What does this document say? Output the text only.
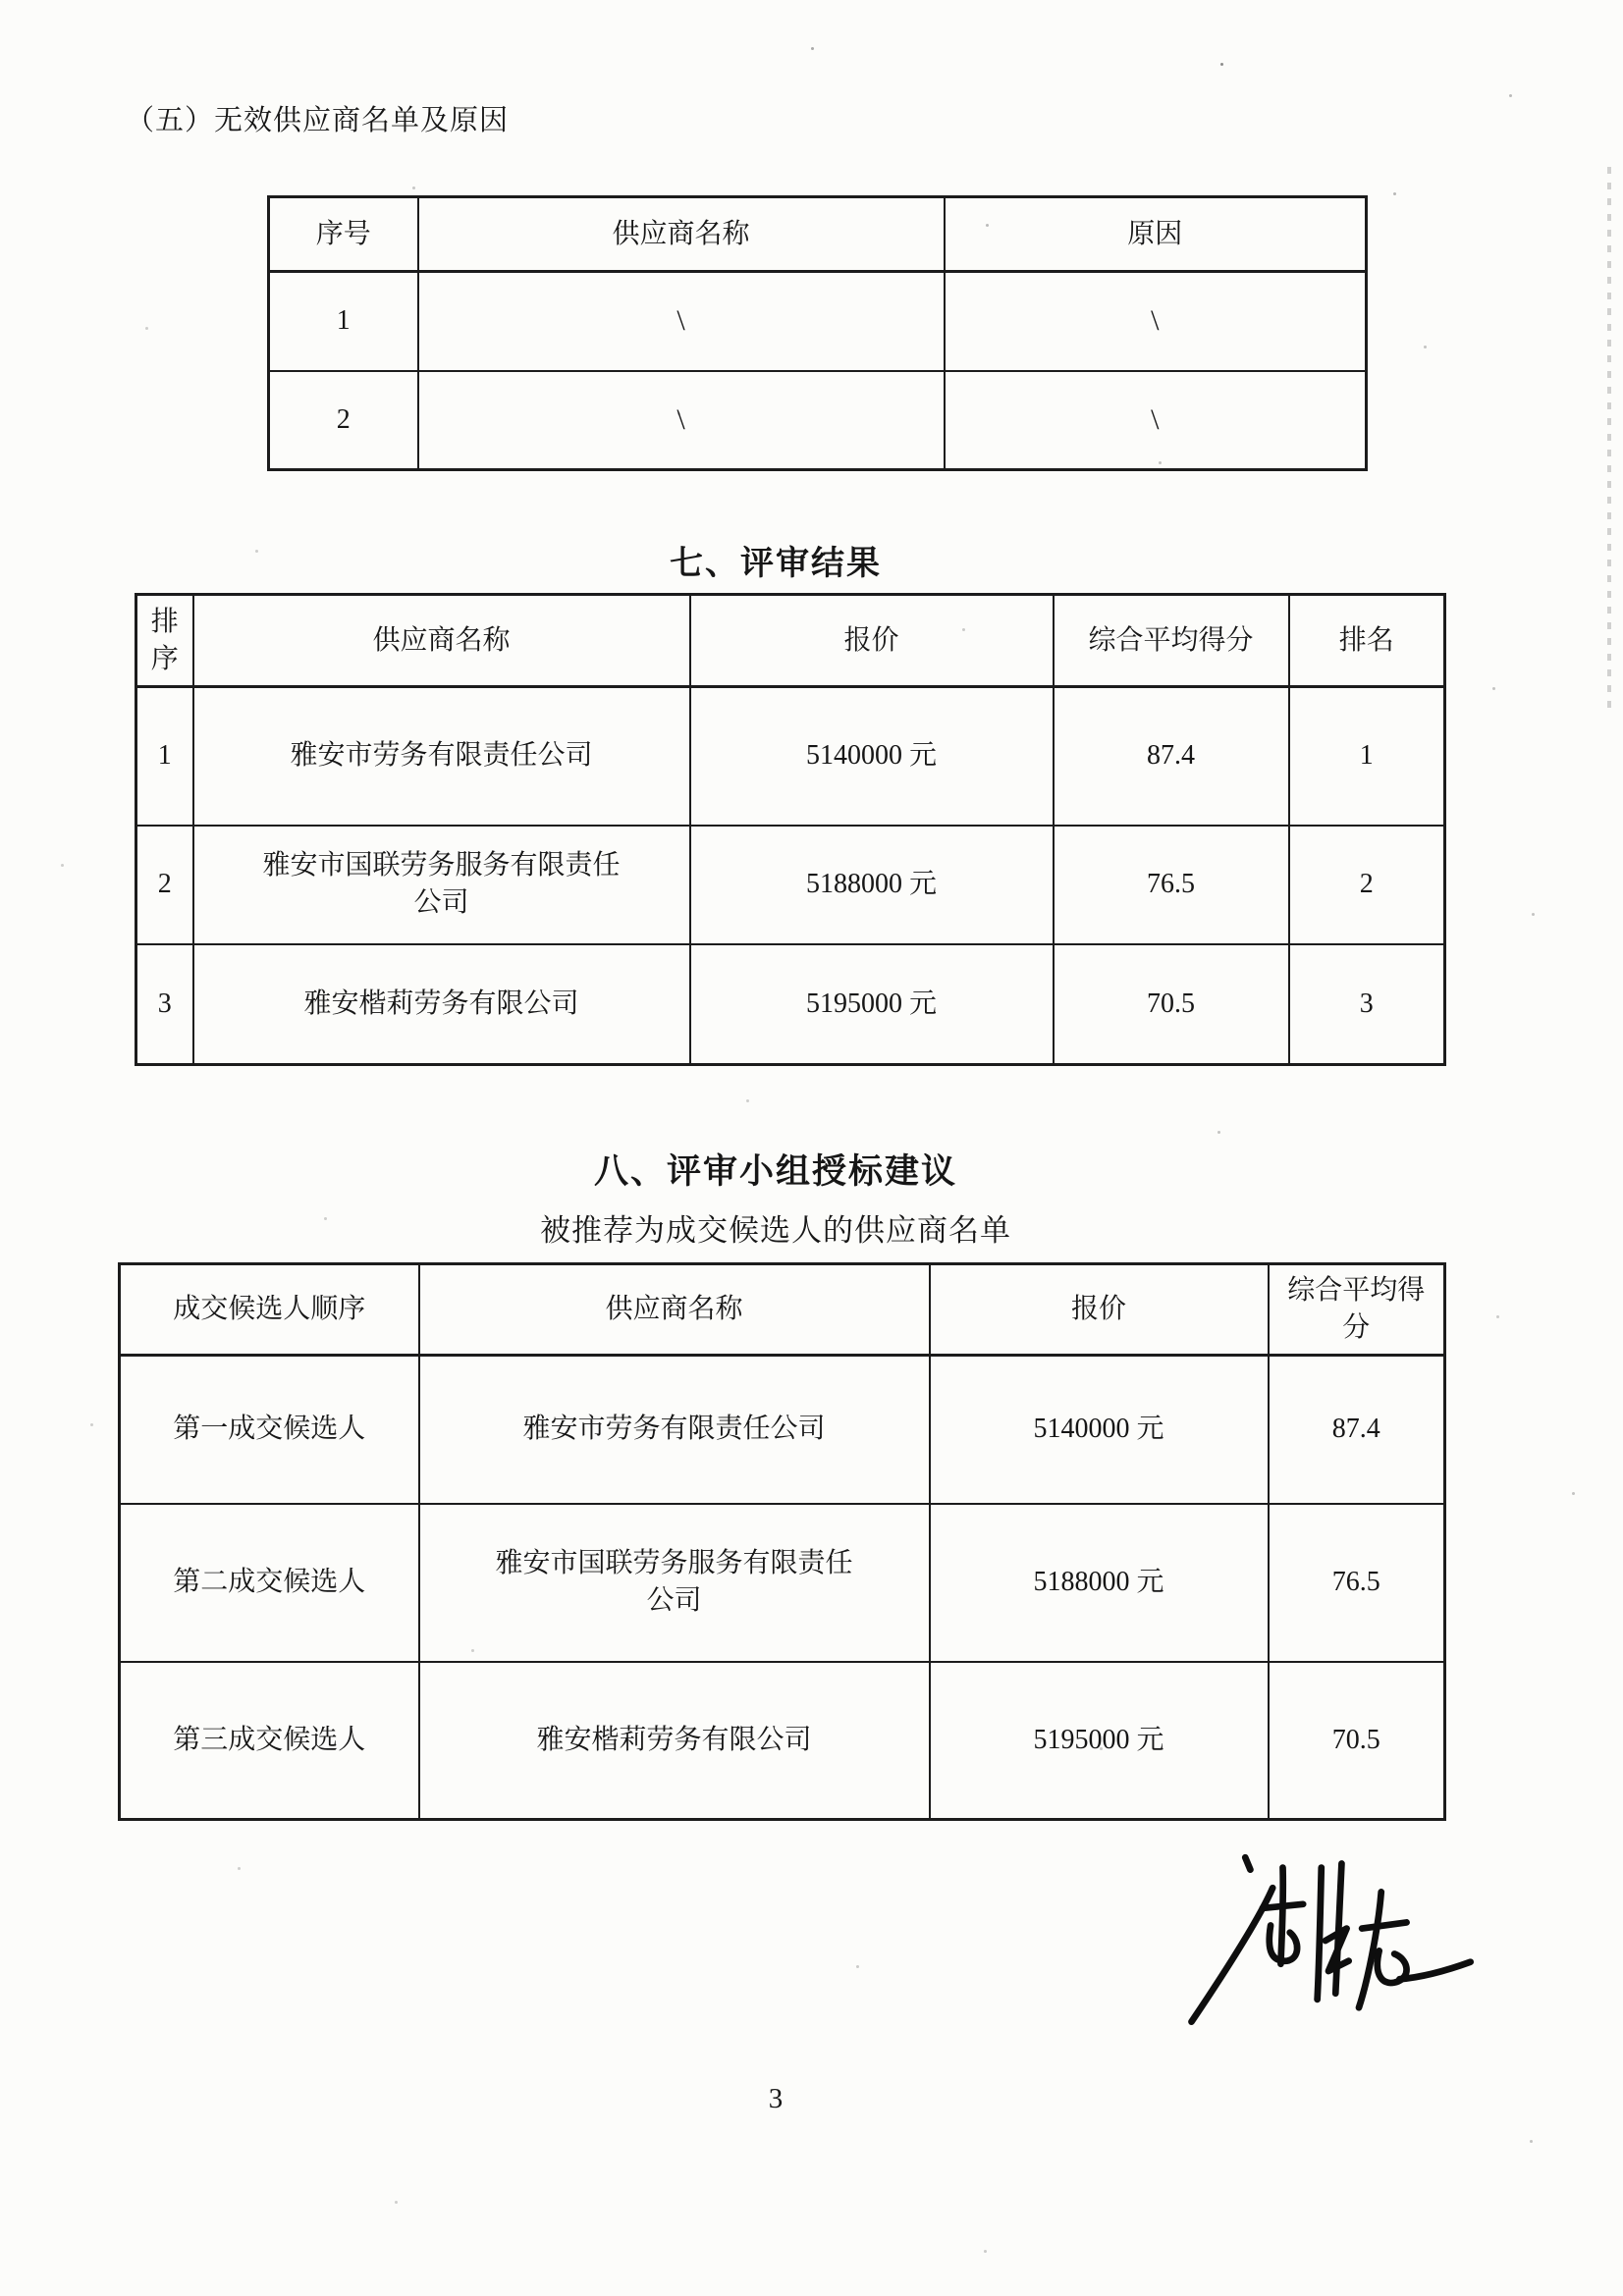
（五）无效供应商名单及原因
序号	供应商名称	原因
1	\	\
2	\	\
七、评审结果
排序	供应商名称	报价	综合平均得分	排名
1	雅安市劳务有限责任公司	5140000 元	87.4	1
2	雅安市国联劳务服务有限责任公司	5188000 元	76.5	2
3	雅安楷莉劳务有限公司	5195000 元	70.5	3
八、评审小组授标建议
被推荐为成交候选人的供应商名单
成交候选人顺序	供应商名称	报价	综合平均得分
第一成交候选人	雅安市劳务有限责任公司	5140000 元	87.4
第二成交候选人	雅安市国联劳务服务有限责任公司	5188000 元	76.5
第三成交候选人	雅安楷莉劳务有限公司	5195000 元	70.5
3
